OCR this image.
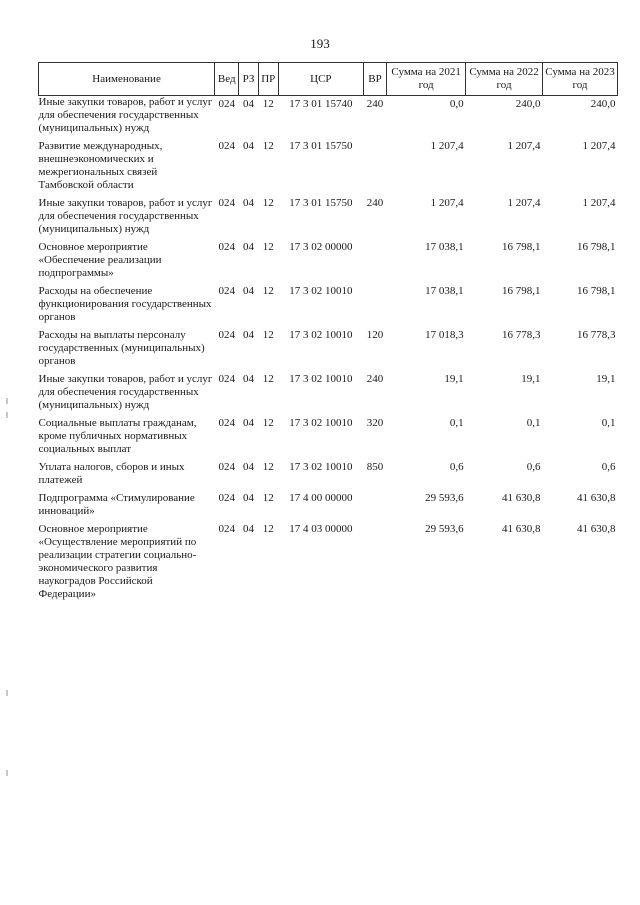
193
Наименование	Вед	РЗ	ПР	ЦСР	ВР	Сумма на 2021 год	Сумма на 2022 год	Сумма на 2023 год
Иные закупки товаров, работ и услуг для обеспечения государственных (муниципальных) нужд	024	04	12	17 3 01 15740	240	0,0	240,0	240,0
Развитие международных, внешнеэкономических и межрегиональных связей Тамбовской области	024	04	12	17 3 01 15750		1 207,4	1 207,4	1 207,4
Иные закупки товаров, работ и услуг для обеспечения государственных (муниципальных) нужд	024	04	12	17 3 01 15750	240	1 207,4	1 207,4	1 207,4
Основное мероприятие «Обеспечение реализации подпрограммы»	024	04	12	17 3 02 00000		17 038,1	16 798,1	16 798,1
Расходы на обеспечение функционирования государственных органов	024	04	12	17 3 02 10010		17 038,1	16 798,1	16 798,1
Расходы на выплаты персоналу государственных (муниципальных) органов	024	04	12	17 3 02 10010	120	17 018,3	16 778,3	16 778,3
Иные закупки товаров, работ и услуг для обеспечения государственных (муниципальных) нужд	024	04	12	17 3 02 10010	240	19,1	19,1	19,1
Социальные выплаты гражданам, кроме публичных нормативных социальных выплат	024	04	12	17 3 02 10010	320	0,1	0,1	0,1
Уплата налогов, сборов и иных платежей	024	04	12	17 3 02 10010	850	0,6	0,6	0,6
Подпрограмма «Стимулирование инноваций»	024	04	12	17 4 00 00000		29 593,6	41 630,8	41 630,8
Основное мероприятие «Осуществление мероприятий по реализации стратегии социально-экономического развития наукоградов Российской Федерации»	024	04	12	17 4 03 00000		29 593,6	41 630,8	41 630,8
